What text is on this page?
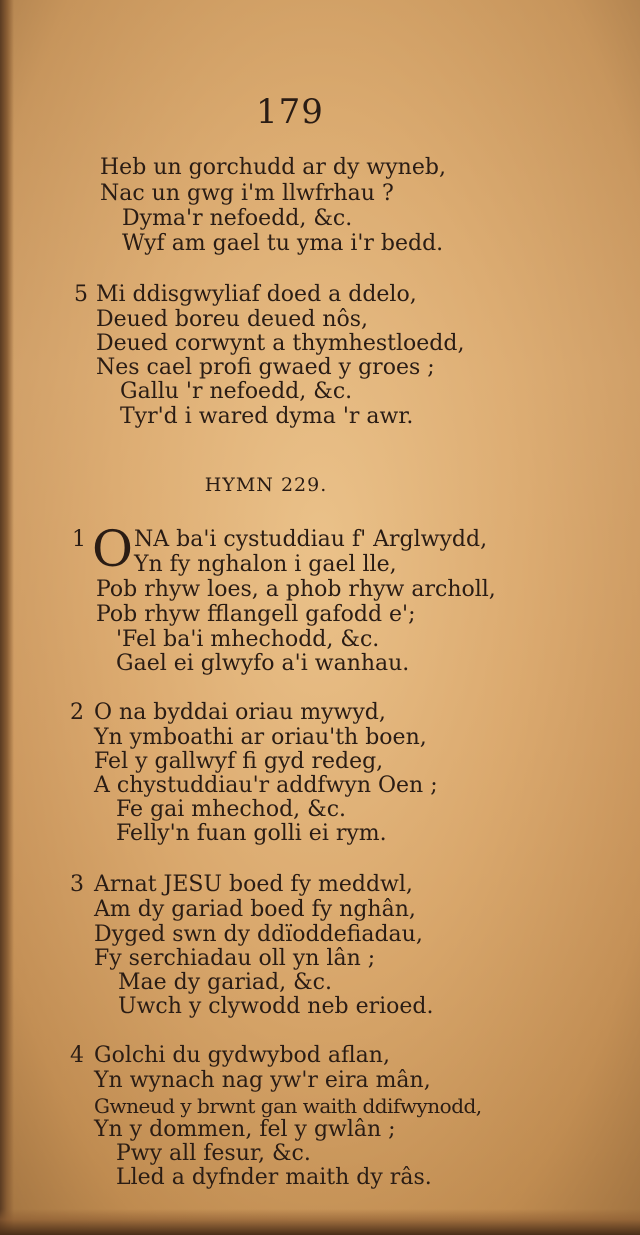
179
Heb un gorchudd ar dy wyneb,
Nac un gwg i'm llwfrhau ?
Dyma'r nefoedd, &c.
Wyf am gael tu yma i'r bedd.
5 Mi ddisgwyliaf doed a ddelo,
Deued boreu deued nôs,
Deued corwynt a thymhestloedd,
Nes cael profi gwaed y groes ;
Gallu 'r nefoedd, &c.
Tyr'd i wared dyma 'r awr.
HYMN 229.
1 O NA ba'i cystuddiau f' Arglwydd,
Yn fy nghalon i gael lle,
Pob rhyw loes, a phob rhyw archoll,
Pob rhyw fflangell gafodd e';
'Fel ba'i mhechodd, &c.
Gael ei glwyfo a'i wanhau.
2 O na byddai oriau mywyd,
Yn ymboathi ar oriau'th boen,
Fel y gallwyf fi gyd redeg,
A chystuddiau'r addfwyn Oen ;
Fe gai mhechod, &c.
Felly'n fuan golli ei rym.
3 Arnat JESU boed fy meddwl,
Am dy gariad boed fy nghân,
Dyged swn dy ddïoddefiadau,
Fy serchiadau oll yn lân ;
Mae dy gariad, &c.
Uwch y clywodd neb erioed.
4 Golchi du gydwybod aflan,
Yn wynach nag yw'r eira mân,
Gwneud y brwnt gan waith ddifwynodd,
Yn y dommen, fel y gwlân ;
Pwy all fesur, &c.
Lled a dyfnder maith dy râs.
